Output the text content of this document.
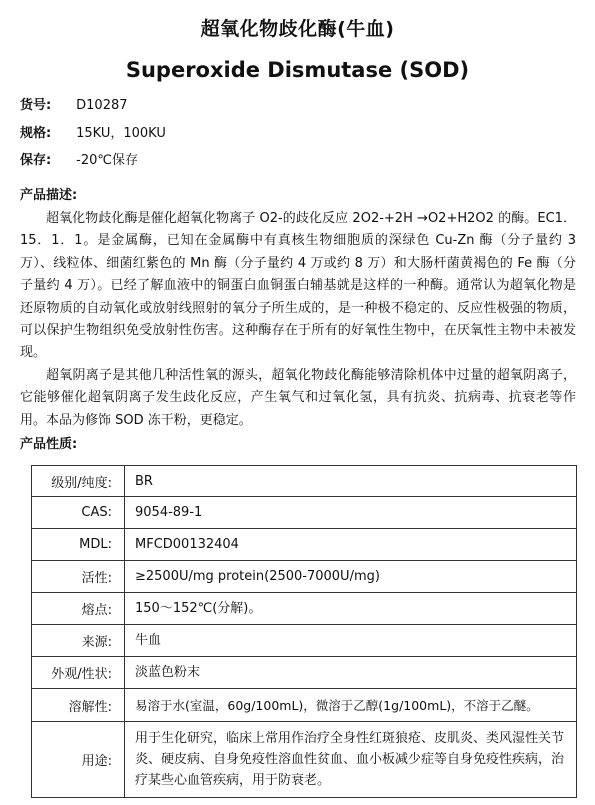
超氧化物歧化酶(牛血)
Superoxide Dismutase (SOD)
货号: D10287
规格: 15KU，100KU
保存: -20℃保存
产品描述:

超氧化物歧化酶是催化超氧化物离子 O2-的歧化反应 2O2-+2H →O2+H2O2 的酶。EC1．15．1．1。是金属酶，已知在金属酶中有真核生物细胞质的深绿色 Cu-Zn 酶（分子量约 3 万）、线粒体、细菌红紫色的 Mn 酶（分子量约 4 万或约 8 万）和大肠杆菌黄褐色的 Fe 酶（分子量约 4 万）。已经了解血液中的铜蛋白血铜蛋白辅基就是这样的一种酶。通常认为超氧化物是还原物质的自动氧化或放射线照射的氧分子所生成的，是一种极不稳定的、反应性极强的物质，可以保护生物组织免受放射性伤害。这种酶存在于所有的好氧性生物中，在厌氧性主物中未被发现。

超氧阴离子是其他几种活性氧的源头，超氧化物歧化酶能够清除机体中过量的超氧阴离子，它能够催化超氧阴离子发生歧化反应，产生氧气和过氧化氢，具有抗炎、抗病毒、抗衰老等作用。本品为修饰 SOD 冻干粉，更稳定。

产品性质:
级别/纯度:	BR
CAS:	9054-89-1
MDL:	MFCD00132404
活性:	≥2500U/mg protein(2500-7000U/mg)
熔点:	150～152℃(分解)。
来源:	牛血
外观/性状:	淡蓝色粉末
溶解性:	易溶于水(室温，60g/100mL)，微溶于乙醇(1g/100mL)，不溶于乙醚。
用途:	用于生化研究，临床上常用作治疗全身性红斑狼疮、皮肌炎、类风湿性关节炎、硬皮病、自身免疫性溶血性贫血、血小板减少症等自身免疫性疾病，治疗某些心血管疾病，用于防衰老。
